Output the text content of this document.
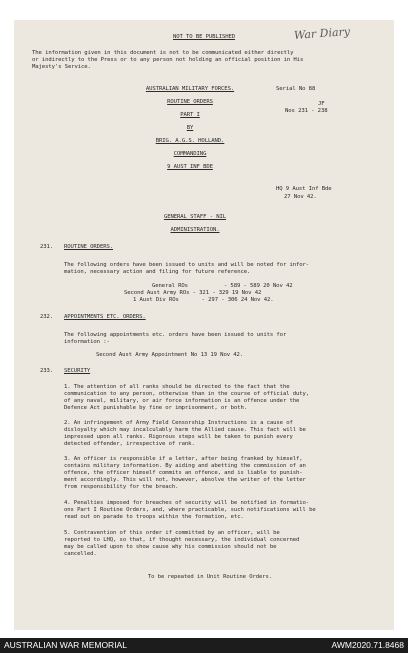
NOT TO BE PUBLISHED	War Diary
The information given in this document is not to be communicated either directly
or indirectly to the Press or to any person not holding an official position in His
Majesty's Service.
AUSTRALIAN MILITARY FORCES.
ROUTINE ORDERS
PART I
BY
BRIG. A.G.S. HOLLAND.
COMMANDING
9 AUST INF BDE
Serial No 88
JF
Nos 231 - 238
HQ 9 Aust Inf Bde
27 Nov 42.
GENERAL STAFF - NIL
ADMINISTRATION.
231. ROUTINE ORDERS.
The following orders have been issued to units and will be noted for infor-
mation, necessary action and filing for future reference.
General ROs           - 589 - 589 20 Nov 42
Second Aust Army ROs - 321 - 329 19 Nov 42
1 Aust Div ROs       - 297 - 306 24 Nov 42.
232. APPOINTMENTS ETC. ORDERS.
The following appointments etc. orders have been issued to units for
information :-
Second Aust Army Appointment No 13 19 Nov 42.
233. SECURITY
1. The attention of all ranks should be directed to the fact that the
communication to any person, otherwise than in the course of official duty,
of any naval, military, or air force information is an offence under the
Defence Act punishable by fine or imprisonment, or both.
2. An infringement of Army Field Censorship Instructions is a cause of
disloyalty which may incalculably harm the Allied cause. This fact will be
impressed upon all ranks. Rigorous steps will be taken to punish every
detected offender, irrespective of rank.
3. An officer is responsible if a letter, after being franked by himself,
contains military information. By aiding and abetting the commission of an
offence, the officer himself commits an offence, and is liable to punish-
ment accordingly. This will not, however, absolve the writer of the letter
from responsibility for the breach.
4. Penalties imposed for breaches of security will be notified in formatio-
ons Part I Routine Orders, and, where practicable, such notifications will be
read out on parade to troops within the formation, etc.
5. Contravention of this order if committed by an officer, will be
reported to LHQ, so that, if thought necessary, the individual concerned
may be called upon to show cause why his commission should not be
cancelled.
To be repeated in Unit Routine Orders.
AUSTRALIAN WAR MEMORIAL	AWM2020.71.8468
